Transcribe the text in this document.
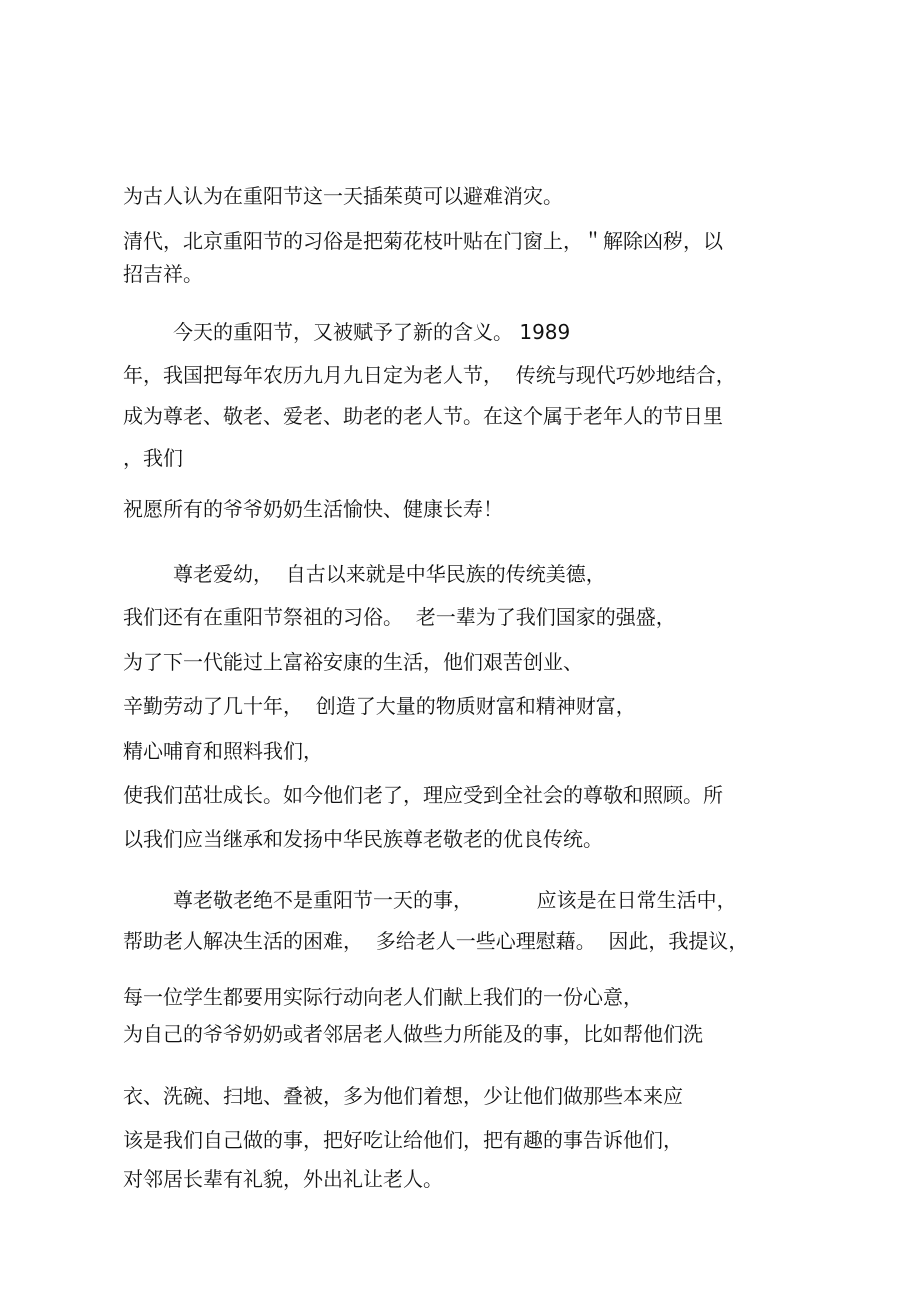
为古人认为在重阳节这一天插茱萸可以避难消灾。
清代，北京重阳节的习俗是把菊花枝叶贴在门窗上，＂解除凶秽，以
招吉祥。
今天的重阳节，又被赋予了新的含义。 1989
年，我国把每年农历九月九日定为老人节，  传统与现代巧妙地结合，
成为尊老、敬老、爱老、助老的老人节。在这个属于老年人的节日里
，我们
祝愿所有的爷爷奶奶生活愉快、健康长寿！
尊老爱幼，  自古以来就是中华民族的传统美德，
我们还有在重阳节祭祖的习俗。  老一辈为了我们国家的强盛，
为了下一代能过上富裕安康的生活，他们艰苦创业、
辛勤劳动了几十年，  创造了大量的物质财富和精神财富，
精心哺育和照料我们，
使我们茁壮成长。如今他们老了，理应受到全社会的尊敬和照顾。所
以我们应当继承和发扬中华民族尊老敬老的优良传统。
尊老敬老绝不是重阳节一天的事，          应该是在日常生活中，
帮助老人解决生活的困难，  多给老人一些心理慰藉。  因此，我提议，
每一位学生都要用实际行动向老人们献上我们的一份心意，
为自己的爷爷奶奶或者邻居老人做些力所能及的事，比如帮他们洗
衣、洗碗、扫地、叠被，多为他们着想，少让他们做那些本来应
该是我们自己做的事，把好吃让给他们，把有趣的事告诉他们，
对邻居长辈有礼貌，外出礼让老人。
